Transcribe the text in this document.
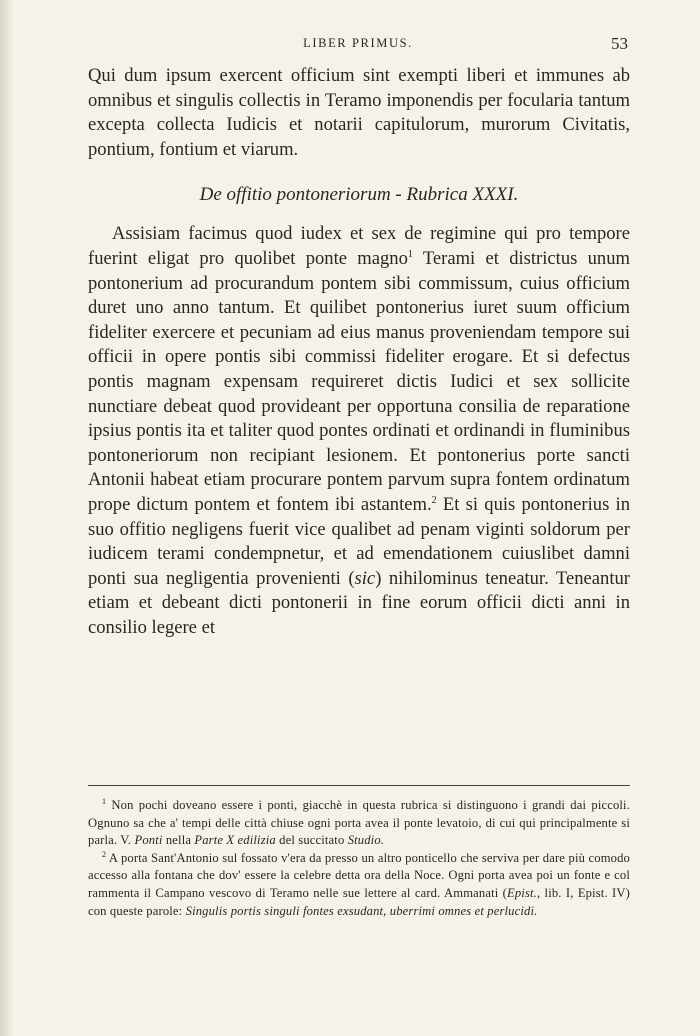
LIBER PRIMUS.	53

Qui dum ipsum exercent officium sint exempti liberi et immunes ab omnibus et singulis collectis in Teramo imponendis per focularia tantum excepta collecta Iudicis et notarii capitulorum, murorum Civitatis, pontium, fontium et viarum.

De offitio pontoneriorum - Rubrica XXXI.

Assisiam facimus quod iudex et sex de regimine qui pro tempore fuerint eligat pro quolibet ponte magno$^1$ Terami et districtus unum pontonerium ad procurandum pontem sibi commissum, cuius officium duret uno anno tantum. Et quilibet pontonerius iuret suum officium fideliter exercere et pecuniam ad eius manus proveniendam tempore sui officii in opere pontis sibi commissi fideliter erogare. Et si defectus pontis magnam expensam requireret dictis Iudici et sex sollicite nunctiare debeat quod provideant per opportuna consilia de reparatione ipsius pontis ita et taliter quod pontes ordinati et ordinandi in fluminibus pontoneriorum non recipiant lesionem. Et pontonerius porte sancti Antonii habeat etiam procurare pontem parvum supra fontem ordinatum prope dictum pontem et fontem ibi astantem.$^2$ Et si quis pontonerius in suo offitio negligens fuerit vice qualibet ad penam viginti soldorum per iudicem terami condempnetur, et ad emendationem cuiuslibet damni ponti sua negligentia provenienti (sic) nihilominus teneatur. Teneantur etiam et debeant dicti pontonerii in fine eorum officii dicti anni in consilio legere et

$^1$ Non pochi doveano essere i ponti, giacchè in questa rubrica si distinguono i grandi dai piccoli. Ognuno sa che a' tempi delle città chiuse ogni porta avea il ponte levatoio, di cui qui principalmente si parla. V. Ponti nella Parte X edilizia del succitato Studio.

$^2$ A porta Sant'Antonio sul fossato v'era da presso un altro ponticello che serviva per dare più comodo accesso alla fontana che dov' essere la celebre detta ora della Noce. Ogni porta avea poi un fonte e col rammenta il Campano vescovo di Teramo nelle sue lettere al card. Ammanati (Epist., lib. I, Epist. IV) con queste parole: Singulis portis singuli fontes exsudant, uberrimi omnes et perlucidi.
